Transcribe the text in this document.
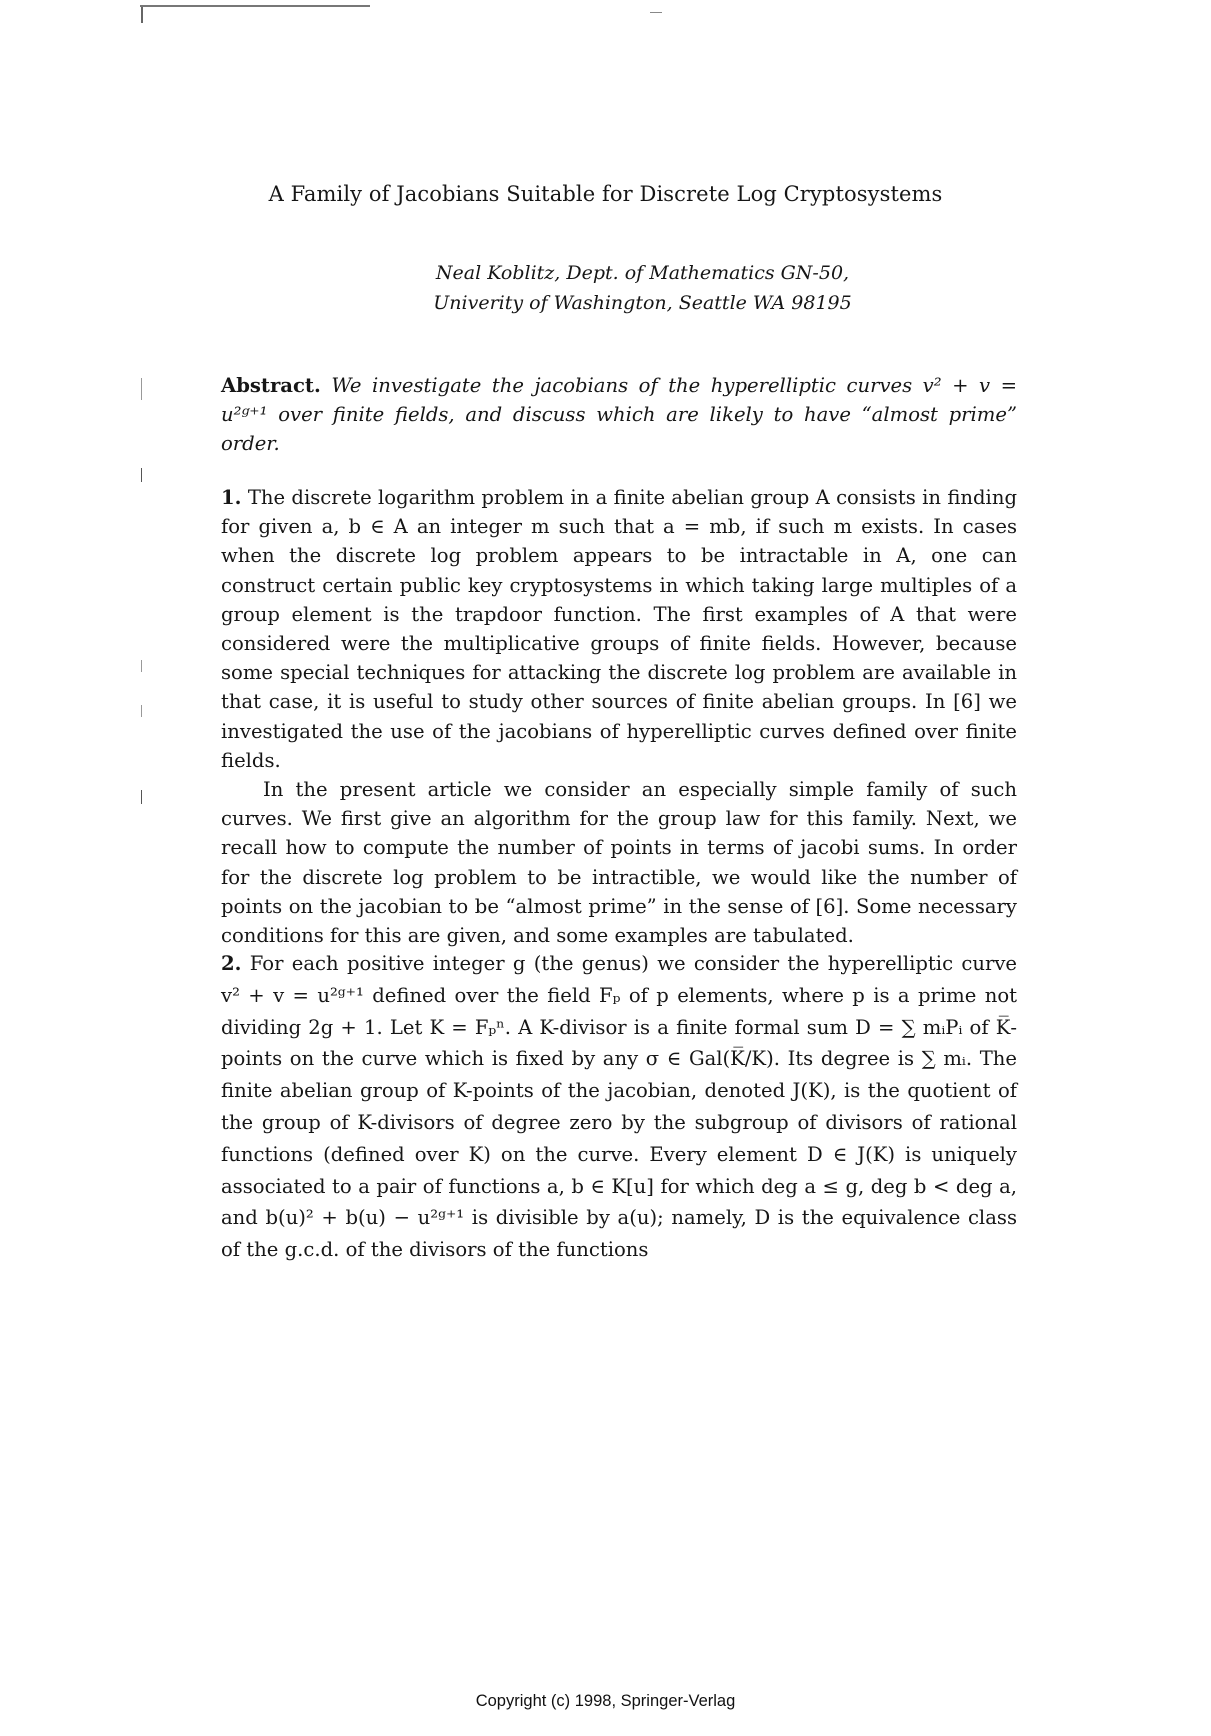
A Family of Jacobians Suitable for Discrete Log Cryptosystems
Neal Koblitz, Dept. of Mathematics GN-50,
Univerity of Washington, Seattle WA 98195
Abstract. We investigate the jacobians of the hyperelliptic curves v² + v = u²ᵍ⁺¹ over finite fields, and discuss which are likely to have “almost prime” order.

1. The discrete logarithm problem in a finite abelian group A consists in finding for given a, b ∈ A an integer m such that a = mb, if such m exists. In cases when the discrete log problem appears to be intractable in A, one can construct certain public key cryptosystems in which taking large multiples of a group element is the trapdoor function. The first examples of A that were considered were the multiplicative groups of finite fields. However, because some special techniques for attacking the discrete log problem are available in that case, it is useful to study other sources of finite abelian groups. In [6] we investigated the use of the jacobians of hyperelliptic curves defined over finite fields.

In the present article we consider an especially simple family of such curves. We first give an algorithm for the group law for this family. Next, we recall how to compute the number of points in terms of jacobi sums. In order for the discrete log problem to be intractible, we would like the number of points on the jacobian to be “almost prime” in the sense of [6]. Some necessary conditions for this are given, and some examples are tabulated.

2. For each positive integer g (the genus) we consider the hyperelliptic curve v² + v = u²ᵍ⁺¹ defined over the field Fₚ of p elements, where p is a prime not dividing 2g + 1. Let K = Fₚⁿ. A K-divisor is a finite formal sum D = ∑ mᵢPᵢ of K̅-points on the curve which is fixed by any σ ∈ Gal(K̅/K). Its degree is ∑ mᵢ. The finite abelian group of K-points of the jacobian, denoted J(K), is the quotient of the group of K-divisors of degree zero by the subgroup of divisors of rational functions (defined over K) on the curve. Every element D ∈ J(K) is uniquely associated to a pair of functions a, b ∈ K[u] for which deg a ≤ g, deg b < deg a, and b(u)² + b(u) − u²ᵍ⁺¹ is divisible by a(u); namely, D is the equivalence class of the g.c.d. of the divisors of the functions

Copyright (c) 1998, Springer-Verlag
